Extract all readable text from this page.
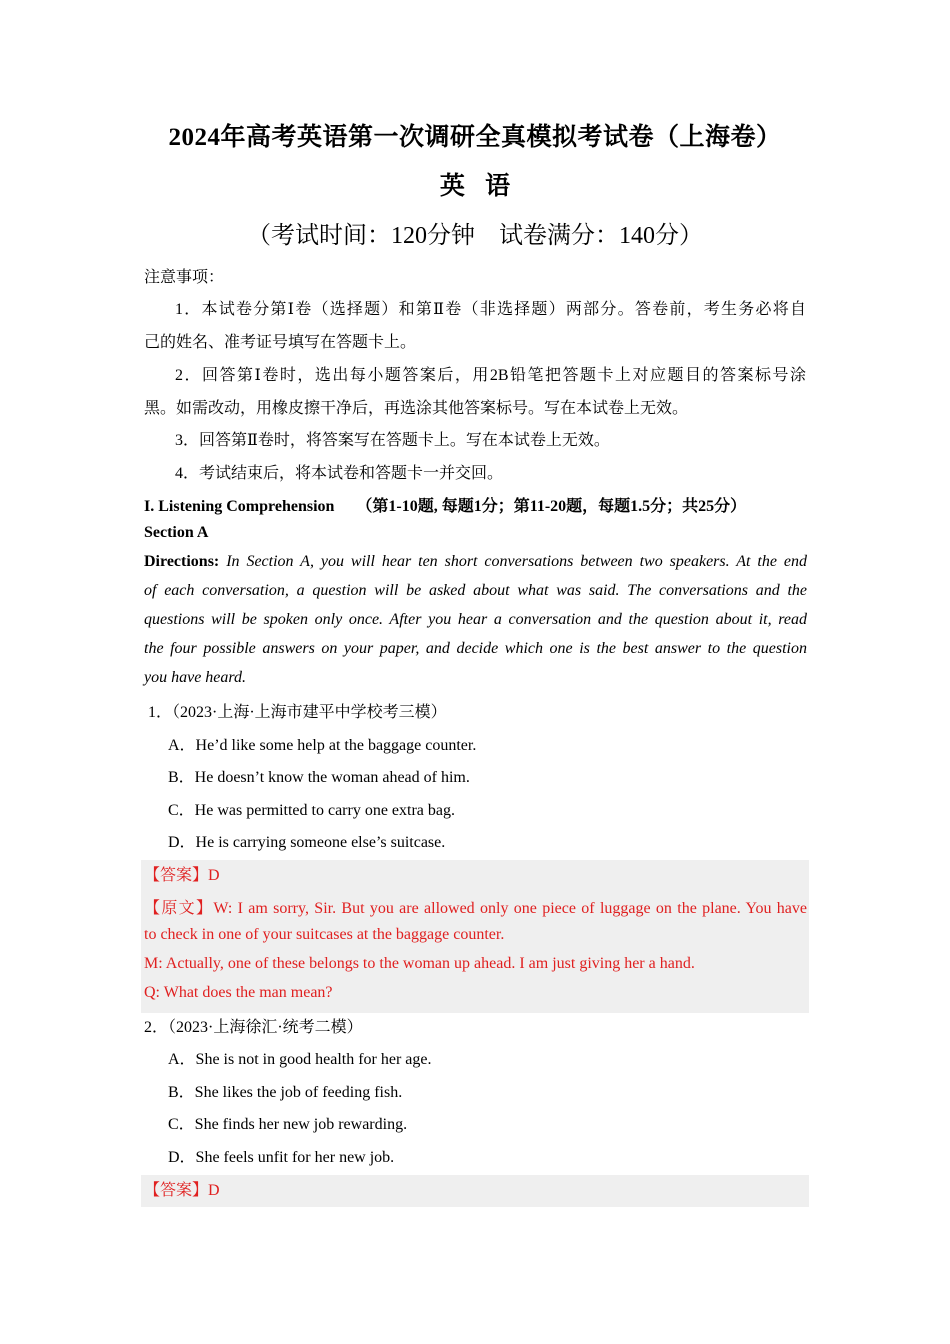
2024年高考英语第一次调研全真模拟考试卷（上海卷）
英 语
（考试时间：120分钟　试卷满分：140分）
注意事项：
1．本试卷分第Ⅰ卷（选择题）和第Ⅱ卷（非选择题）两部分。答卷前，考生务必将自
己的姓名、准考证号填写在答题卡上。
2．回答第Ⅰ卷时，选出每小题答案后，用2B铅笔把答题卡上对应题目的答案标号涂
黑。如需改动，用橡皮擦干净后，再选涂其他答案标号。写在本试卷上无效。
3．回答第Ⅱ卷时，将答案写在答题卡上。写在本试卷上无效。
4．考试结束后，将本试卷和答题卡一并交回。
I. Listening Comprehension （第1-10题, 每题1分；第11-20题，每题1.5分；共25分）
Section A
Directions: In Section A, you will hear ten short conversations between two speakers. At the end
of each conversation, a question will be asked about what was said. The conversations and the
questions will be spoken only once. After you hear a conversation and the question about it, read
the four possible answers on your paper, and decide which one is the best answer to the question
you have heard.
1．（2023·上海·上海市建平中学校考三模）
A．He’d like some help at the baggage counter.
B．He doesn’t know the woman ahead of him.
C．He was permitted to carry one extra bag.
D．He is carrying someone else’s suitcase.
【答案】D
【原文】W: I am sorry, Sir. But you are allowed only one piece of luggage on the plane. You have
to check in one of your suitcases at the baggage counter.
M: Actually, one of these belongs to the woman up ahead. I am just giving her a hand.
Q: What does the man mean?
2．（2023·上海徐汇·统考二模）
A．She is not in good health for her age.
B．She likes the job of feeding fish.
C．She finds her new job rewarding.
D．She feels unfit for her new job.
【答案】D
